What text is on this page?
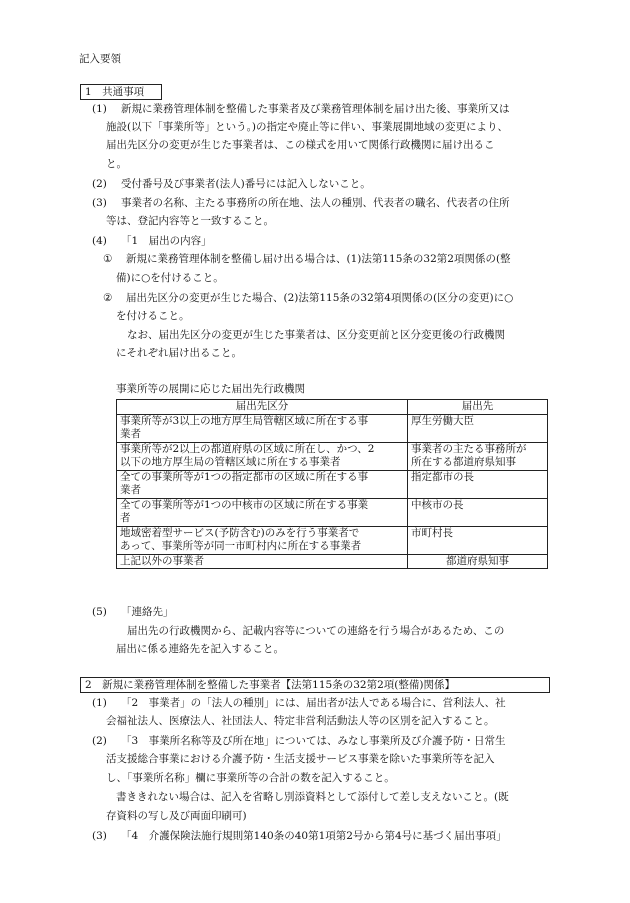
記入要領
1　共通事項
(1) 新規に業務管理体制を整備した事業者及び業務管理体制を届け出た後、事業所又は
施設(以下「事業所等」という。)の指定や廃止等に伴い、事業展開地域の変更により、
届出先区分の変更が生じた事業者は、この様式を用いて関係行政機関に届け出るこ
と。
(2) 受付番号及び事業者(法人)番号には記入しないこと。
(3) 事業者の名称、主たる事務所の所在地、法人の種別、代表者の職名、代表者の住所
等は、登記内容等と一致すること。
(4) 「1　届出の内容」
① 新規に業務管理体制を整備し届け出る場合は、(1)法第115条の32第2項関係の(整
備)に○を付けること。
② 届出先区分の変更が生じた場合、(2)法第115条の32第4項関係の(区分の変更)に○
を付けること。
なお、届出先区分の変更が生じた事業者は、区分変更前と区分変更後の行政機関
にそれぞれ届け出ること。
事業所等の展開に応じた届出先行政機関
届出先区分	届出先
事業所等が3以上の地方厚生局管轄区域に所在する事
業者	厚生労働大臣
事業所等が2以上の都道府県の区域に所在し、かつ、2
以下の地方厚生局の管轄区域に所在する事業者	事業者の主たる事務所が
所在する都道府県知事
全ての事業所等が1つの指定都市の区域に所在する事
業者	指定都市の長
全ての事業所等が1つの中核市の区域に所在する事業
者	中核市の長
地域密着型サービス(予防含む)のみを行う事業者で
あって、事業所等が同一市町村内に所在する事業者	市町村長
上記以外の事業者	都道府県知事
(5) 「連絡先」
届出先の行政機関から、記載内容等についての連絡を行う場合があるため、この
届出に係る連絡先を記入すること。
2　新規に業務管理体制を整備した事業者【法第115条の32第2項(整備)関係】
(1) 「2　事業者」の「法人の種別」には、届出者が法人である場合に、営利法人、社
会福祉法人、医療法人、社団法人、特定非営利活動法人等の区別を記入すること。
(2) 「3　事業所名称等及び所在地」については、みなし事業所及び介護予防・日常生
活支援総合事業における介護予防・生活支援サービス事業を除いた事業所等を記入
し、「事業所名称」欄に事業所等の合計の数を記入すること。
書ききれない場合は、記入を省略し別添資料として添付して差し支えないこと。(既
存資料の写し及び両面印刷可)
(3) 「4　介護保険法施行規則第140条の40第1項第2号から第4号に基づく届出事項」
